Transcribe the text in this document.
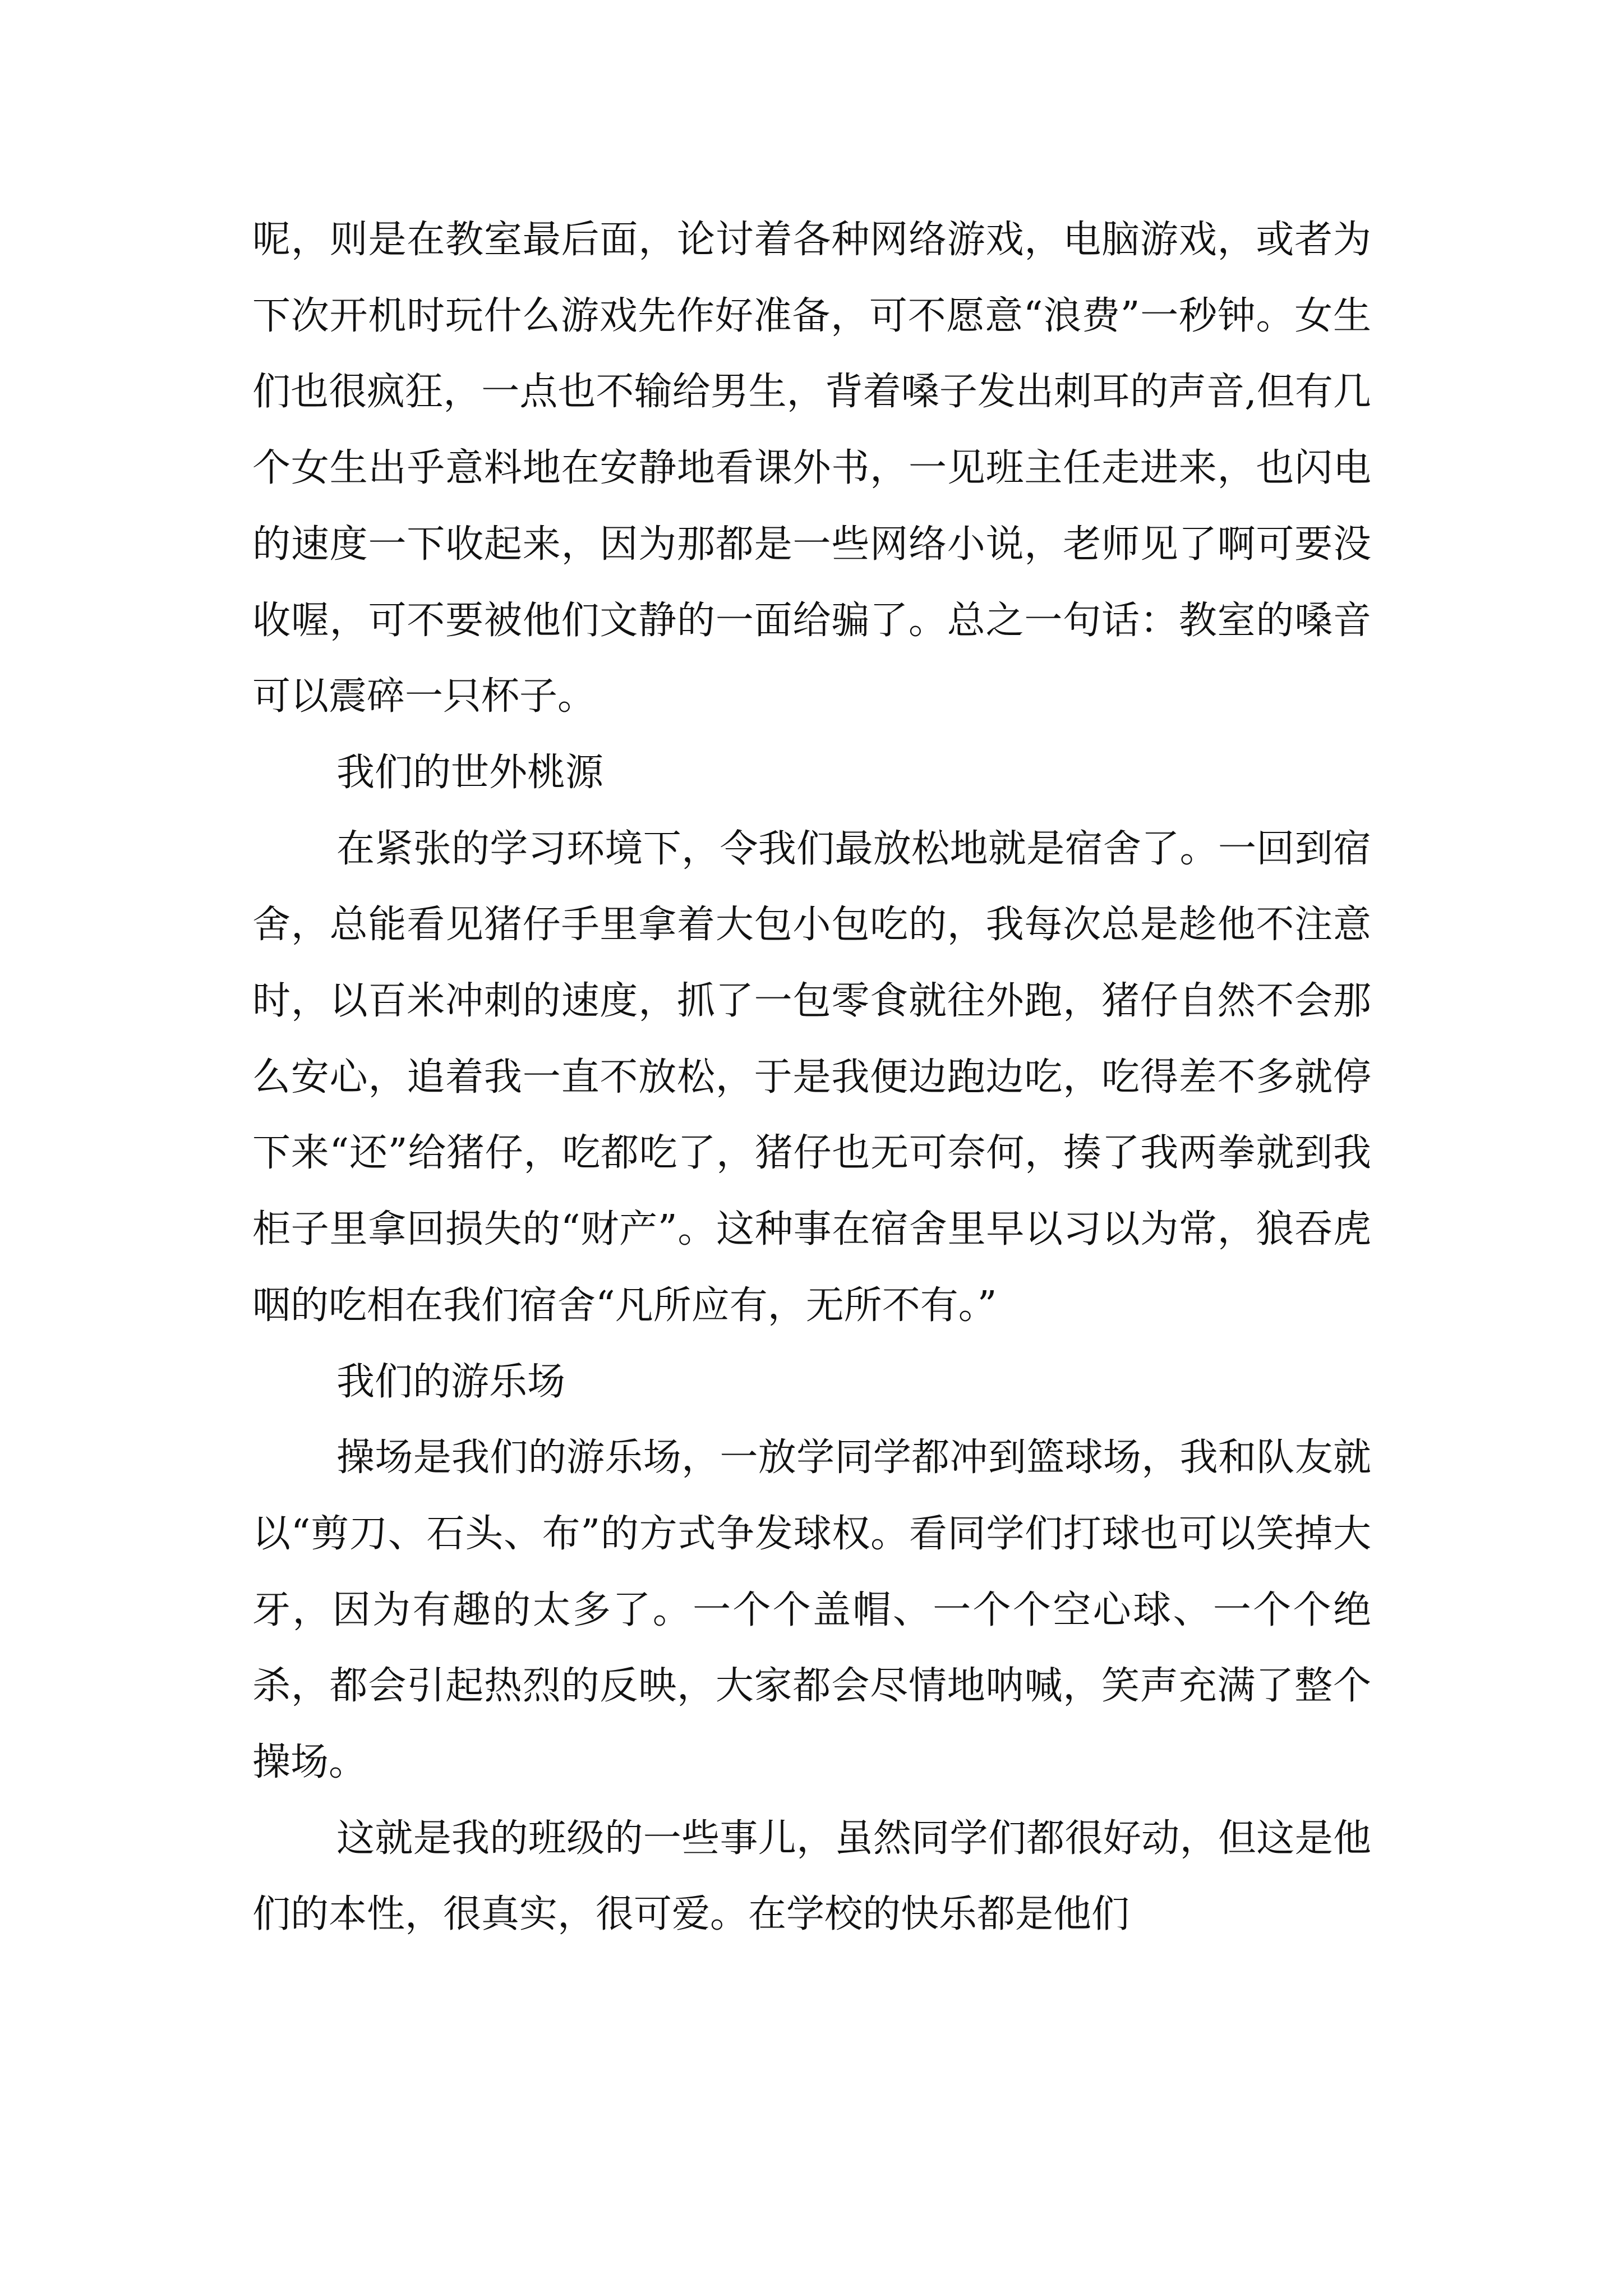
呢，则是在教室最后面，论讨着各种网络游戏，电脑游戏，或者为下次开机时玩什么游戏先作好准备，可不愿意“浪费”一秒钟。女生们也很疯狂，一点也不输给男生，背着嗓子发出刺耳的声音,但有几个女生出乎意料地在安静地看课外书，一见班主任走进来，也闪电的速度一下收起来，因为那都是一些网络小说，老师见了啊可要没收喔，可不要被他们文静的一面给骗了。总之一句话：教室的嗓音可以震碎一只杯子。

我们的世外桃源

在紧张的学习环境下，令我们最放松地就是宿舍了。一回到宿舍，总能看见猪仔手里拿着大包小包吃的，我每次总是趁他不注意时，以百米冲刺的速度，抓了一包零食就往外跑，猪仔自然不会那么安心，追着我一直不放松，于是我便边跑边吃，吃得差不多就停下来“还”给猪仔，吃都吃了，猪仔也无可奈何，揍了我两拳就到我柜子里拿回损失的“财产”。这种事在宿舍里早以习以为常，狼吞虎咽的吃相在我们宿舍“凡所应有，无所不有。”

我们的游乐场

操场是我们的游乐场，一放学同学都冲到篮球场，我和队友就以“剪刀、石头、布”的方式争发球权。看同学们打球也可以笑掉大牙，因为有趣的太多了。一个个盖帽、一个个空心球、一个个绝杀，都会引起热烈的反映，大家都会尽情地呐喊，笑声充满了整个操场。

这就是我的班级的一些事儿，虽然同学们都很好动，但这是他们的本性，很真实，很可爱。在学校的快乐都是他们
